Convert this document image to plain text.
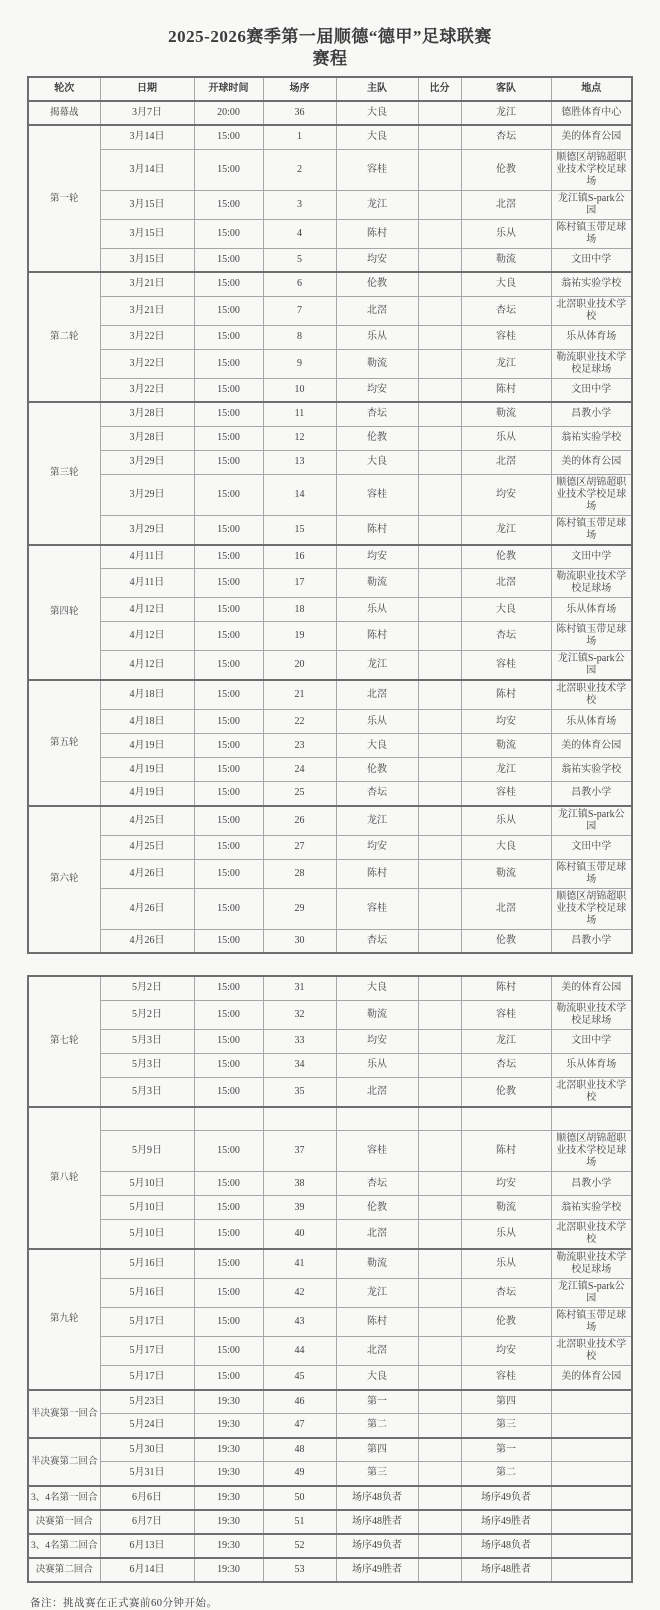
2025-2026赛季第一届顺德“德甲”足球联赛
赛程
轮次	日期	开球时间	场序	主队	比分	客队	地点
揭幕战	3月7日	20:00	36	大良		龙江	德胜体育中心
第一轮	3月14日	15:00	1	大良		杏坛	美的体育公园
	3月14日	15:00	2	容桂		伦教	顺德区胡锦超职业技术学校足球场
	3月15日	15:00	3	龙江		北滘	龙江镇S-park公园
	3月15日	15:00	4	陈村		乐从	陈村镇玉带足球场
	3月15日	15:00	5	均安		勒流	文田中学
第二轮	3月21日	15:00	6	伦教		大良	翁祐实验学校
	3月21日	15:00	7	北滘		杏坛	北滘职业技术学校
	3月22日	15:00	8	乐从		容桂	乐从体育场
	3月22日	15:00	9	勒流		龙江	勒流职业技术学校足球场
	3月22日	15:00	10	均安		陈村	文田中学
第三轮	3月28日	15:00	11	杏坛		勒流	昌教小学
	3月28日	15:00	12	伦教		乐从	翁祐实验学校
	3月29日	15:00	13	大良		北滘	美的体育公园
	3月29日	15:00	14	容桂		均安	顺德区胡锦超职业技术学校足球场
	3月29日	15:00	15	陈村		龙江	陈村镇玉带足球场
第四轮	4月11日	15:00	16	均安		伦教	文田中学
	4月11日	15:00	17	勒流		北滘	勒流职业技术学校足球场
	4月12日	15:00	18	乐从		大良	乐从体育场
	4月12日	15:00	19	陈村		杏坛	陈村镇玉带足球场
	4月12日	15:00	20	龙江		容桂	龙江镇S-park公园
第五轮	4月18日	15:00	21	北滘		陈村	北滘职业技术学校
	4月18日	15:00	22	乐从		均安	乐从体育场
	4月19日	15:00	23	大良		勒流	美的体育公园
	4月19日	15:00	24	伦教		龙江	翁祐实验学校
	4月19日	15:00	25	杏坛		容桂	昌教小学
第六轮	4月25日	15:00	26	龙江		乐从	龙江镇S-park公园
	4月25日	15:00	27	均安		大良	文田中学
	4月26日	15:00	28	陈村		勒流	陈村镇玉带足球场
	4月26日	15:00	29	容桂		北滘	顺德区胡锦超职业技术学校足球场
	4月26日	15:00	30	杏坛		伦教	昌教小学
第七轮	5月2日	15:00	31	大良		陈村	美的体育公园
	5月2日	15:00	32	勒流		容桂	勒流职业技术学校足球场
	5月3日	15:00	33	均安		龙江	文田中学
	5月3日	15:00	34	乐从		杏坛	乐从体育场
	5月3日	15:00	35	北滘		伦教	北滘职业技术学校
第八轮							
	5月9日	15:00	37	容桂		陈村	顺德区胡锦超职业技术学校足球场
	5月10日	15:00	38	杏坛		均安	昌教小学
	5月10日	15:00	39	伦教		勒流	翁祐实验学校
	5月10日	15:00	40	北滘		乐从	北滘职业技术学校
第九轮	5月16日	15:00	41	勒流		乐从	勒流职业技术学校足球场
	5月16日	15:00	42	龙江		杏坛	龙江镇S-park公园
	5月17日	15:00	43	陈村		伦教	陈村镇玉带足球场
	5月17日	15:00	44	北滘		均安	北滘职业技术学校
	5月17日	15:00	45	大良		容桂	美的体育公园
半决赛第一回合	5月23日	19:30	46	第一		第四	
	5月24日	19:30	47	第二		第三	
半决赛第二回合	5月30日	19:30	48	第四		第一	
	5月31日	19:30	49	第三		第二	
3、4名第一回合	6月6日	19:30	50	场序48负者		场序49负者	
决赛第一回合	6月7日	19:30	51	场序48胜者		场序49胜者	
3、4名第二回合	6月13日	19:30	52	场序49负者		场序48负者	
决赛第二回合	6月14日	19:30	53	场序49胜者		场序48胜者	
备注：挑战赛在正式赛前60分钟开始。
